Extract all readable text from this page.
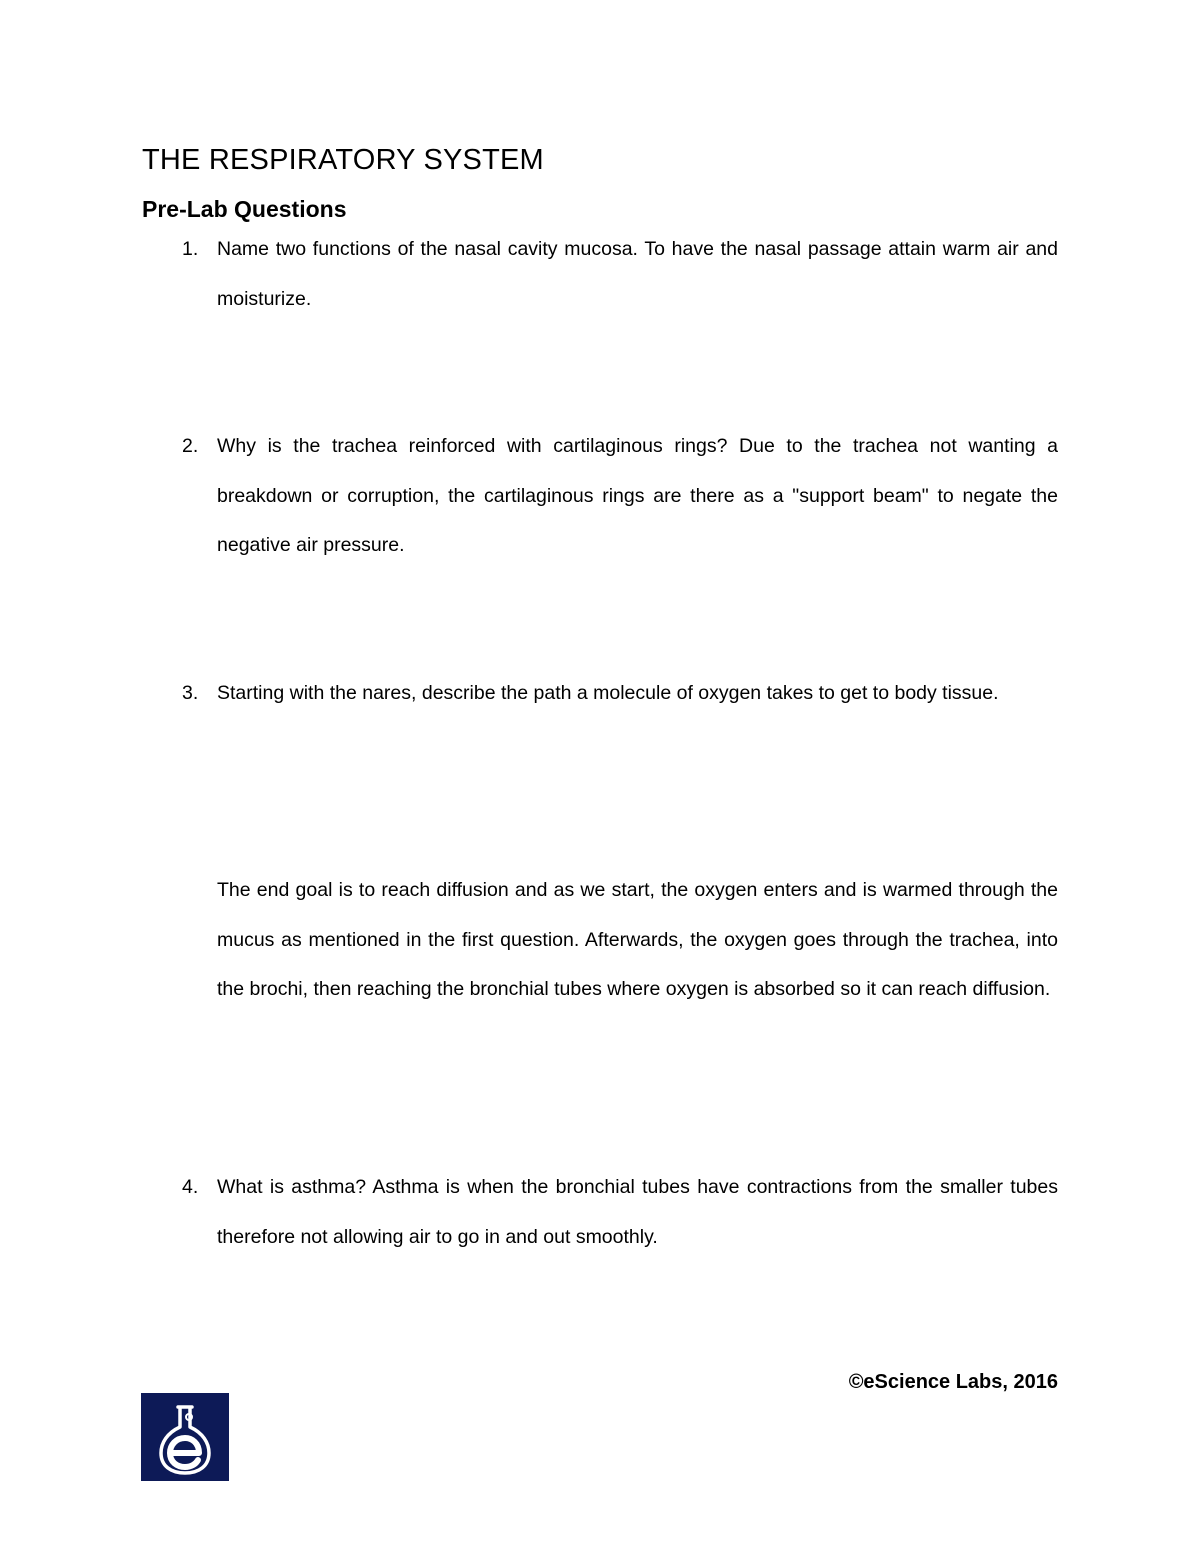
THE RESPIRATORY SYSTEM
Pre-Lab Questions
1. Name two functions of the nasal cavity mucosa. To have the nasal passage attain warm air and moisturize.
2. Why is the trachea reinforced with cartilaginous rings? Due to the trachea not wanting a breakdown or corruption, the cartilaginous rings are there as a "support beam" to negate the negative air pressure.
3. Starting with the nares, describe the path a molecule of oxygen takes to get to body tissue.
The end goal is to reach diffusion and as we start, the oxygen enters and is warmed through the mucus as mentioned in the first question. Afterwards, the oxygen goes through the trachea, into the brochi, then reaching the bronchial tubes where oxygen is absorbed so it can reach diffusion.
4. What is asthma? Asthma is when the bronchial tubes have contractions from the smaller tubes therefore not allowing air to go in and out smoothly.
©eScience Labs, 2016
